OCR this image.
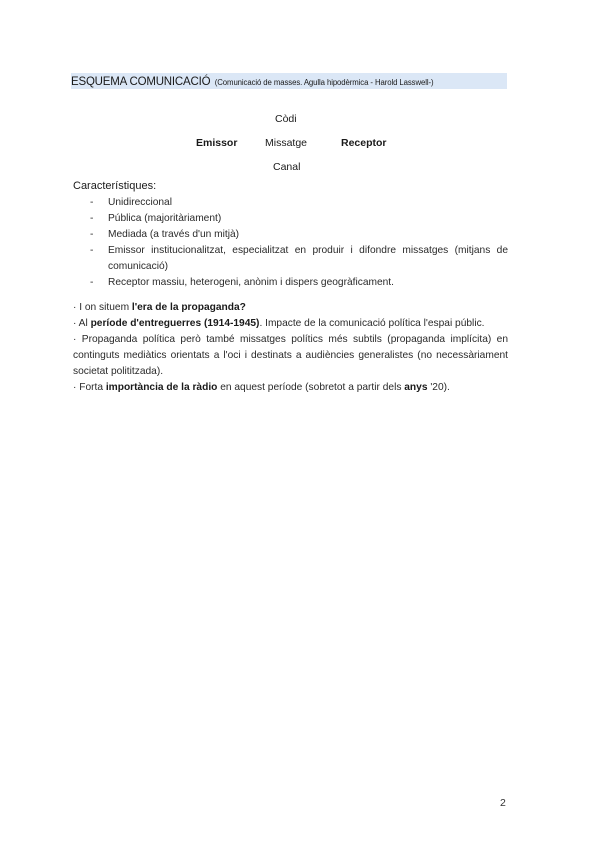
ESQUEMA COMUNICACIÓ (Comunicació de masses. Agulla hipodèrmica - Harold Lasswell-)
Còdi
Emissor	Missatge	Receptor
Canal
Característiques:
- Unidireccional
- Pública (majoritàriament)
- Mediada (a través d'un mitjà)
- Emissor institucionalitzat, especialitzat en produir i difondre missatges (mitjans de comunicació)
- Receptor massiu, heterogeni, anònim i dispers geogràficament.
· I on situem l'era de la propaganda?
· Al període d'entreguerres (1914-1945). Impacte de la comunicació política l'espai públic.
· Propaganda política però també missatges polítics més subtils (propaganda implícita) en continguts mediàtics orientats a l'oci i destinats a audiències generalistes (no necessàriament societat polititzada).
· Forta importància de la ràdio en aquest període (sobretot a partir dels anys '20).
2
